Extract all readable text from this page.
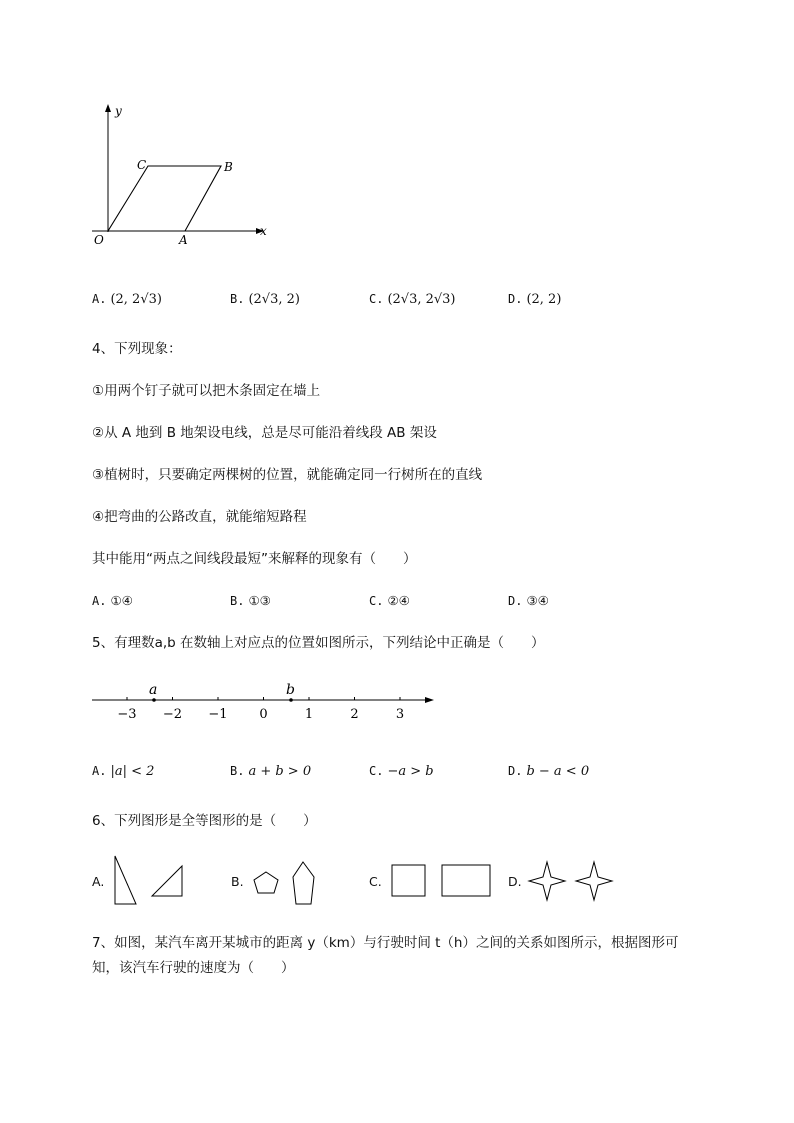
y
x
O	A
B
C
A. (2, 2√3)	B. (2√3, 2)	C. (2√3, 2√3)	D. (2, 2)
4、下列现象：
①用两个钉子就可以把木条固定在墙上
②从 A 地到 B 地架设电线，总是尽可能沿着线段 AB 架设
③植树时，只要确定两棵树的位置，就能确定同一行树所在的直线
④把弯曲的公路改直，就能缩短路程
其中能用“两点之间线段最短”来解释的现象有（　　）
A. ①④	B. ①③	C. ②④	D. ③④
5、有理数a,b 在数轴上对应点的位置如图所示，下列结论中正确是（　　）
−3 −2 −1 0	1	2	3
a	b
A. |a| < 2	B. a + b > 0	C. −a > b	D. b − a < 0
6、下列图形是全等图形的是（　　）
A.	B.	C.	D.
7、如图，某汽车离开某城市的距离 y（km）与行驶时间 t（h）之间的关系如图所示，根据图形可
知，该汽车行驶的速度为（　　）
